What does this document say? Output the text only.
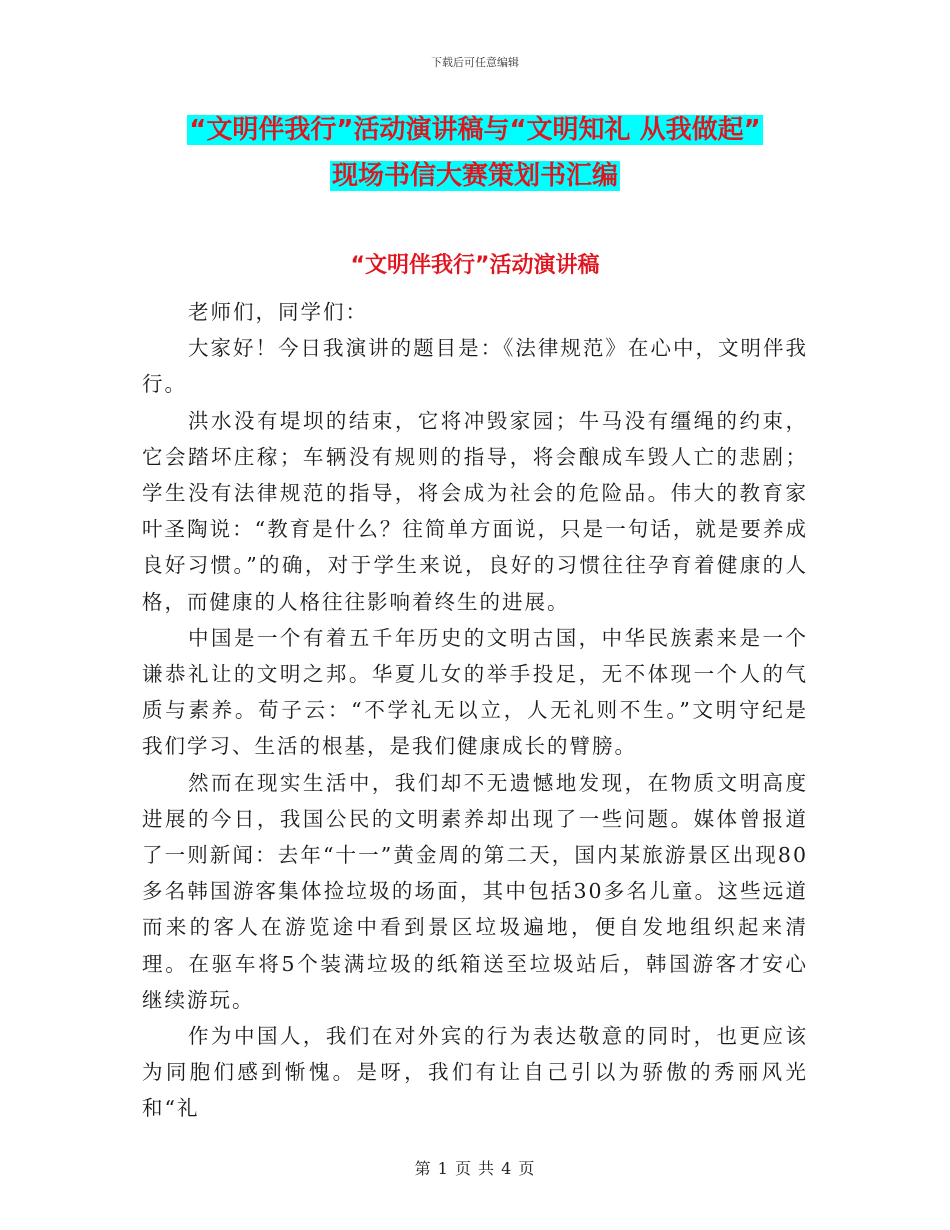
下载后可任意编辑
“文明伴我行”活动演讲稿与“文明知礼 从我做起”
现场书信大赛策划书汇编
“文明伴我行”活动演讲稿

老师们，同学们：

大家好！今日我演讲的题目是：《法律规范》在心中，文明伴我行。

洪水没有堤坝的结束，它将冲毁家园；牛马没有缰绳的约束，它会踏坏庄稼；车辆没有规则的指导，将会酿成车毁人亡的悲剧；学生没有法律规范的指导，将会成为社会的危险品。伟大的教育家叶圣陶说：“教育是什么？往简单方面说，只是一句话，就是要养成良好习惯。”的确，对于学生来说，良好的习惯往往孕育着健康的人格，而健康的人格往往影响着终生的进展。

中国是一个有着五千年历史的文明古国，中华民族素来是一个谦恭礼让的文明之邦。华夏儿女的举手投足，无不体现一个人的气质与素养。荀子云：“不学礼无以立，人无礼则不生。”文明守纪是我们学习、生活的根基，是我们健康成长的臂膀。

然而在现实生活中，我们却不无遗憾地发现，在物质文明高度进展的今日，我国公民的文明素养却出现了一些问题。媒体曾报道了一则新闻：去年“十一”黄金周的第二天，国内某旅游景区出现80多名韩国游客集体捡垃圾的场面，其中包括30多名儿童。这些远道而来的客人在游览途中看到景区垃圾遍地，便自发地组织起来清理。在驱车将5个装满垃圾的纸箱送至垃圾站后，韩国游客才安心继续游玩。

作为中国人，我们在对外宾的行为表达敬意的同时，也更应该为同胞们感到惭愧。是呀，我们有让自己引以为骄傲的秀丽风光和“礼

第 1 页 共 4 页
